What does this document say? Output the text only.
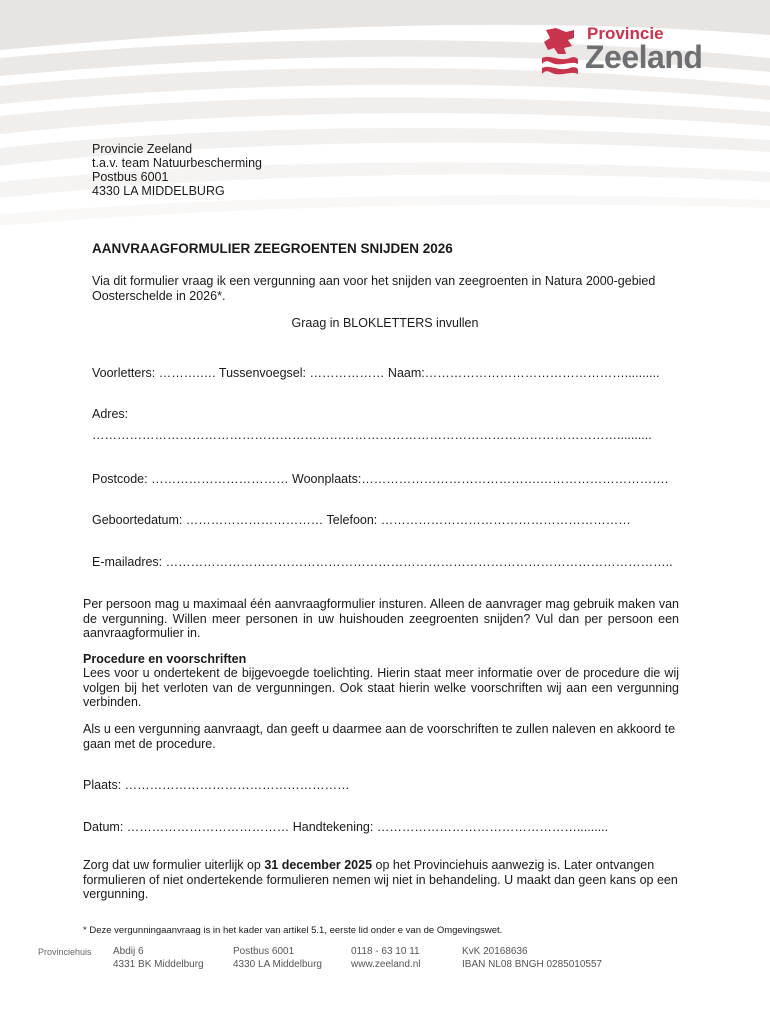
Provincie
Zeeland
Provincie Zeeland
t.a.v. team Natuurbescherming
Postbus 6001
4330 LA MIDDELBURG
AANVRAAGFORMULIER ZEEGROENTEN SNIJDEN 2026
Via dit formulier vraag ik een vergunning aan voor het snijden van zeegroenten in Natura 2000-gebied Oosterschelde in 2026*.
Graag in BLOKLETTERS invullen
Voorletters: ……….…. Tussenvoegsel: ……………… Naam:…………………………………………..........
Adres:
………………………………………………………………………………………………………………..........
Postcode: …………………………… Woonplaats:…………………………………….………………………….
Geboortedatum: …………………………… Telefoon: ……………………………………………………
E-mailadres: …………………………………………………………………………………………………………..
Per persoon mag u maximaal één aanvraagformulier insturen. Alleen de aanvrager mag gebruik maken van de vergunning. Willen meer personen in uw huishouden zeegroenten snijden? Vul dan per persoon een aanvraagformulier in.
Procedure en voorschriften
Lees voor u ondertekent de bijgevoegde toelichting. Hierin staat meer informatie over de procedure die wij volgen bij het verloten van de vergunningen. Ook staat hierin welke voorschriften wij aan een vergunning verbinden.
Als u een vergunning aanvraagt, dan geeft u daarmee aan de voorschriften te zullen naleven en akkoord te gaan met de procedure.
Plaats: ………………………………………………
Datum: ………………………………… Handtekening: ………………………………………….........
Zorg dat uw formulier uiterlijk op 31 december 2025 op het Provinciehuis aanwezig is. Later ontvangen formulieren of niet ondertekende formulieren nemen wij niet in behandeling. U maakt dan geen kans op een vergunning.
* Deze vergunningaanvraag is in het kader van artikel 5.1, eerste lid onder e van de Omgevingswet.
Provinciehuis Abdij 6
4331 BK Middelburg
Postbus 6001
4330 LA Middelburg
0118 - 63 10 11
www.zeeland.nl
KvK 20168636
IBAN NL08 BNGH 0285010557
